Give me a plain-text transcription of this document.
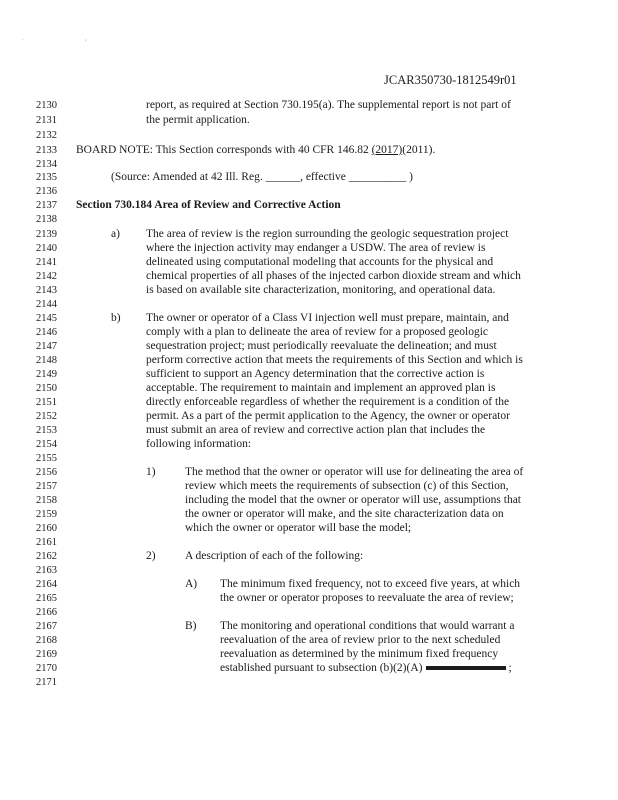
. ,
JCAR350730-1812549r01
2130
2131
2132
2133
2134
2135
2136
2137
2138
2139
2140
2141
2142
2143
2144
2145
2146
2147
2148
2149
2150
2151
2152
2153
2154
2155
2156
2157
2158
2159
2160
2161
2162
2163
2164
2165
2166
2167
2168
2169
2170
2171
report, as required at Section 730.195(a). The supplemental report is not part of
the permit application.
BOARD NOTE: This Section corresponds with 40 CFR 146.82 (2017)(2011).
(Source: Amended at 42 Ill. Reg. ______, effective __________ )
Section 730.184 Area of Review and Corrective Action
a) The area of review is the region surrounding the geologic sequestration project
where the injection activity may endanger a USDW. The area of review is
delineated using computational modeling that accounts for the physical and
chemical properties of all phases of the injected carbon dioxide stream and which
is based on available site characterization, monitoring, and operational data.
b) The owner or operator of a Class VI injection well must prepare, maintain, and
comply with a plan to delineate the area of review for a proposed geologic
sequestration project; must periodically reevaluate the delineation; and must
perform corrective action that meets the requirements of this Section and which is
sufficient to support an Agency determination that the corrective action is
acceptable. The requirement to maintain and implement an approved plan is
directly enforceable regardless of whether the requirement is a condition of the
permit. As a part of the permit application to the Agency, the owner or operator
must submit an area of review and corrective action plan that includes the
following information:
1)	The method that the owner or operator will use for delineating the area of
review which meets the requirements of subsection (c) of this Section,
including the model that the owner or operator will use, assumptions that
the owner or operator will make, and the site characterization data on
which the owner or operator will base the model;
2)	A description of each of the following:
A) The minimum fixed frequency, not to exceed five years, at which
the owner or operator proposes to reevaluate the area of review;
B) The monitoring and operational conditions that would warrant a
reevaluation of the area of review prior to the next scheduled
reevaluation as determined by the minimum fixed frequency
established pursuant to subsection (b)(2)(A)	;
